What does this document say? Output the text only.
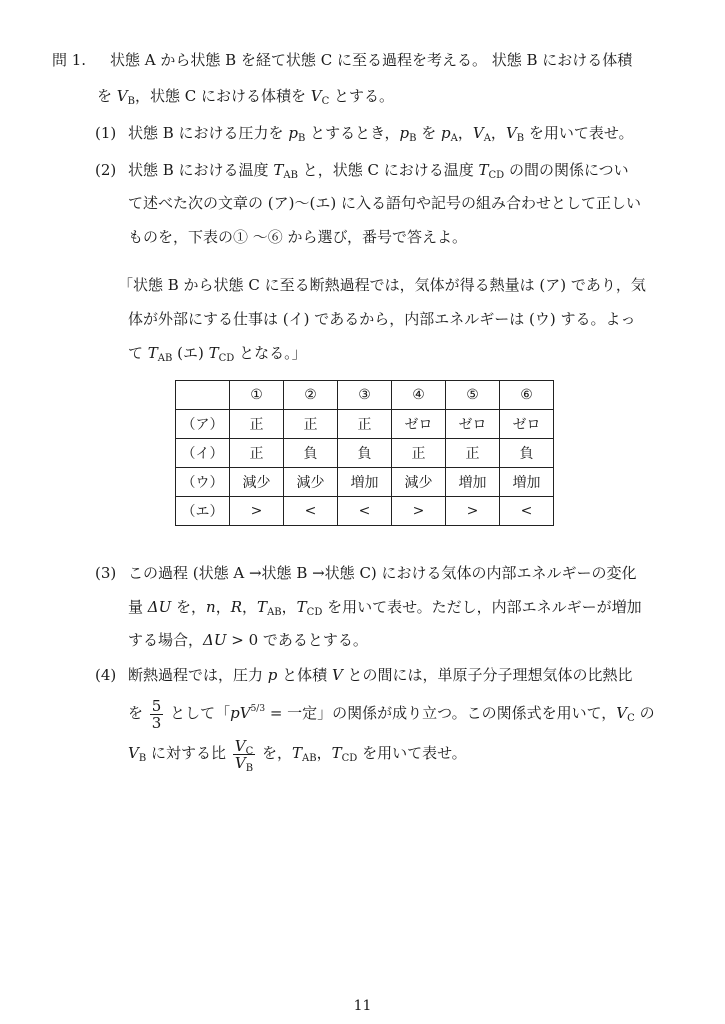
問 1. 状態 A から状態 B を経て状態 C に至る過程を考える。 状態 B における体積
を $V_B$，状態 C における体積を $V_C$ とする。
(1) 状態 B における圧力を $p_B$ とするとき，$p_B$ を $p_A$，$V_A$，$V_B$ を用いて表せ。
(2) 状態 B における温度 $T_{AB}$ と，状態 C における温度 $T_{CD}$ の間の関係につい
て述べた次の文章の (ア)〜(エ) に入る語句や記号の組み合わせとして正しい
ものを，下表の① 〜⑥ から選び，番号で答えよ。
「状態 B から状態 C に至る断熱過程では，気体が得る熱量は (ア) であり，気
体が外部にする仕事は (イ) であるから，内部エネルギーは (ウ) する。よっ
て $T_{AB}$ (エ) $T_{CD}$ となる。」
	①	②	③	④	⑤	⑥
（ア）	正	正	正	ゼロ	ゼロ	ゼロ
（イ）	正	負	負	正	正	負
（ウ）	減少	減少	増加	減少	増加	増加
（エ）	>	<	<	>	>	<
(3) この過程 (状態 A →状態 B →状態 C) における気体の内部エネルギーの変化
量 ΔU を，n，R，$T_{AB}$，$T_{CD}$ を用いて表せ。ただし，内部エネルギーが増加
する場合，ΔU > 0 であるとする。
(4) 断熱過程では，圧力 p と体積 V との間には，単原子分子理想気体の比熱比
を $\frac{5}{3}$ として「$pV^{5/3}$ = 一定」の関係が成り立つ。この関係式を用いて，$V_C$ の
$V_B$ に対する比 $\frac{V_C}{V_B}$ を，$T_{AB}$，$T_{CD}$ を用いて表せ。
11
